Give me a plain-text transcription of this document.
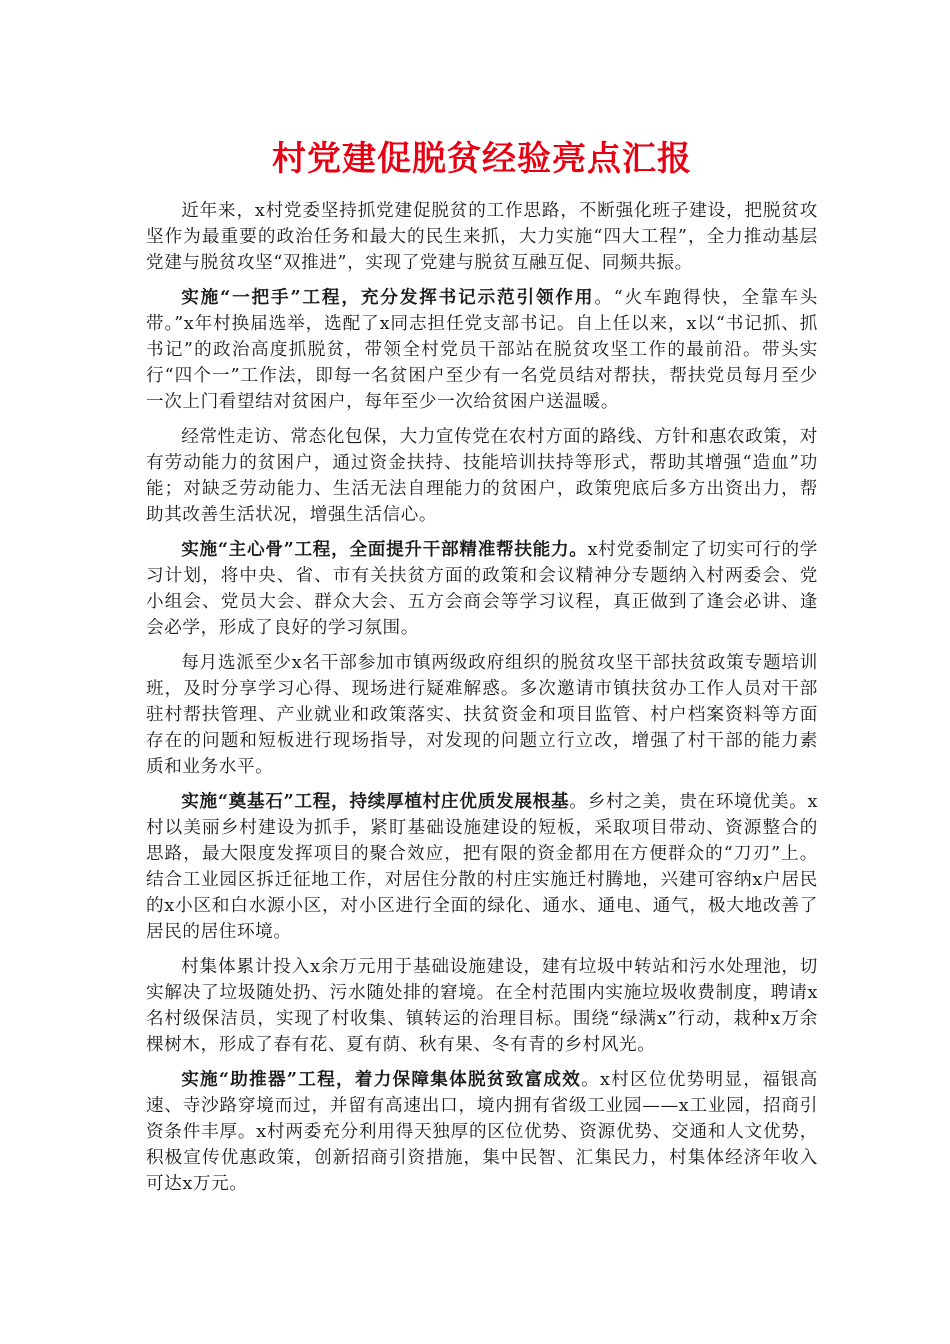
村党建促脱贫经验亮点汇报

近年来，x村党委坚持抓党建促脱贫的工作思路，不断强化班子建设，把脱贫攻坚作为最重要的政治任务和最大的民生来抓，大力实施“四大工程”，全力推动基层党建与脱贫攻坚“双推进”，实现了党建与脱贫互融互促、同频共振。

实施“一把手”工程，充分发挥书记示范引领作用。“火车跑得快，全靠车头带。”x年村换届选举，选配了x同志担任党支部书记。自上任以来，x以“书记抓、抓书记”的政治高度抓脱贫，带领全村党员干部站在脱贫攻坚工作的最前沿。带头实行“四个一”工作法，即每一名贫困户至少有一名党员结对帮扶，帮扶党员每月至少一次上门看望结对贫困户，每年至少一次给贫困户送温暖。

经常性走访、常态化包保，大力宣传党在农村方面的路线、方针和惠农政策，对有劳动能力的贫困户，通过资金扶持、技能培训扶持等形式，帮助其增强“造血”功能；对缺乏劳动能力、生活无法自理能力的贫困户，政策兜底后多方出资出力，帮助其改善生活状况，增强生活信心。

实施“主心骨”工程，全面提升干部精准帮扶能力。x村党委制定了切实可行的学习计划，将中央、省、市有关扶贫方面的政策和会议精神分专题纳入村两委会、党小组会、党员大会、群众大会、五方会商会等学习议程，真正做到了逢会必讲、逢会必学，形成了良好的学习氛围。

每月选派至少x名干部参加市镇两级政府组织的脱贫攻坚干部扶贫政策专题培训班，及时分享学习心得、现场进行疑难解惑。多次邀请市镇扶贫办工作人员对干部驻村帮扶管理、产业就业和政策落实、扶贫资金和项目监管、村户档案资料等方面存在的问题和短板进行现场指导，对发现的问题立行立改，增强了村干部的能力素质和业务水平。

实施“奠基石”工程，持续厚植村庄优质发展根基。乡村之美，贵在环境优美。x村以美丽乡村建设为抓手，紧盯基础设施建设的短板，采取项目带动、资源整合的思路，最大限度发挥项目的聚合效应，把有限的资金都用在方便群众的“刀刃”上。结合工业园区拆迁征地工作，对居住分散的村庄实施迁村腾地，兴建可容纳x户居民的x小区和白水源小区，对小区进行全面的绿化、通水、通电、通气，极大地改善了居民的居住环境。

村集体累计投入x余万元用于基础设施建设，建有垃圾中转站和污水处理池，切实解决了垃圾随处扔、污水随处排的窘境。在全村范围内实施垃圾收费制度，聘请x名村级保洁员，实现了村收集、镇转运的治理目标。围绕“绿满x”行动，栽种x万余棵树木，形成了春有花、夏有荫、秋有果、冬有青的乡村风光。

实施“助推器”工程，着力保障集体脱贫致富成效。x村区位优势明显，福银高速、寺沙路穿境而过，并留有高速出口，境内拥有省级工业园——x工业园，招商引资条件丰厚。x村两委充分利用得天独厚的区位优势、资源优势、交通和人文优势，积极宣传优惠政策，创新招商引资措施，集中民智、汇集民力，村集体经济年收入可达x万元。
